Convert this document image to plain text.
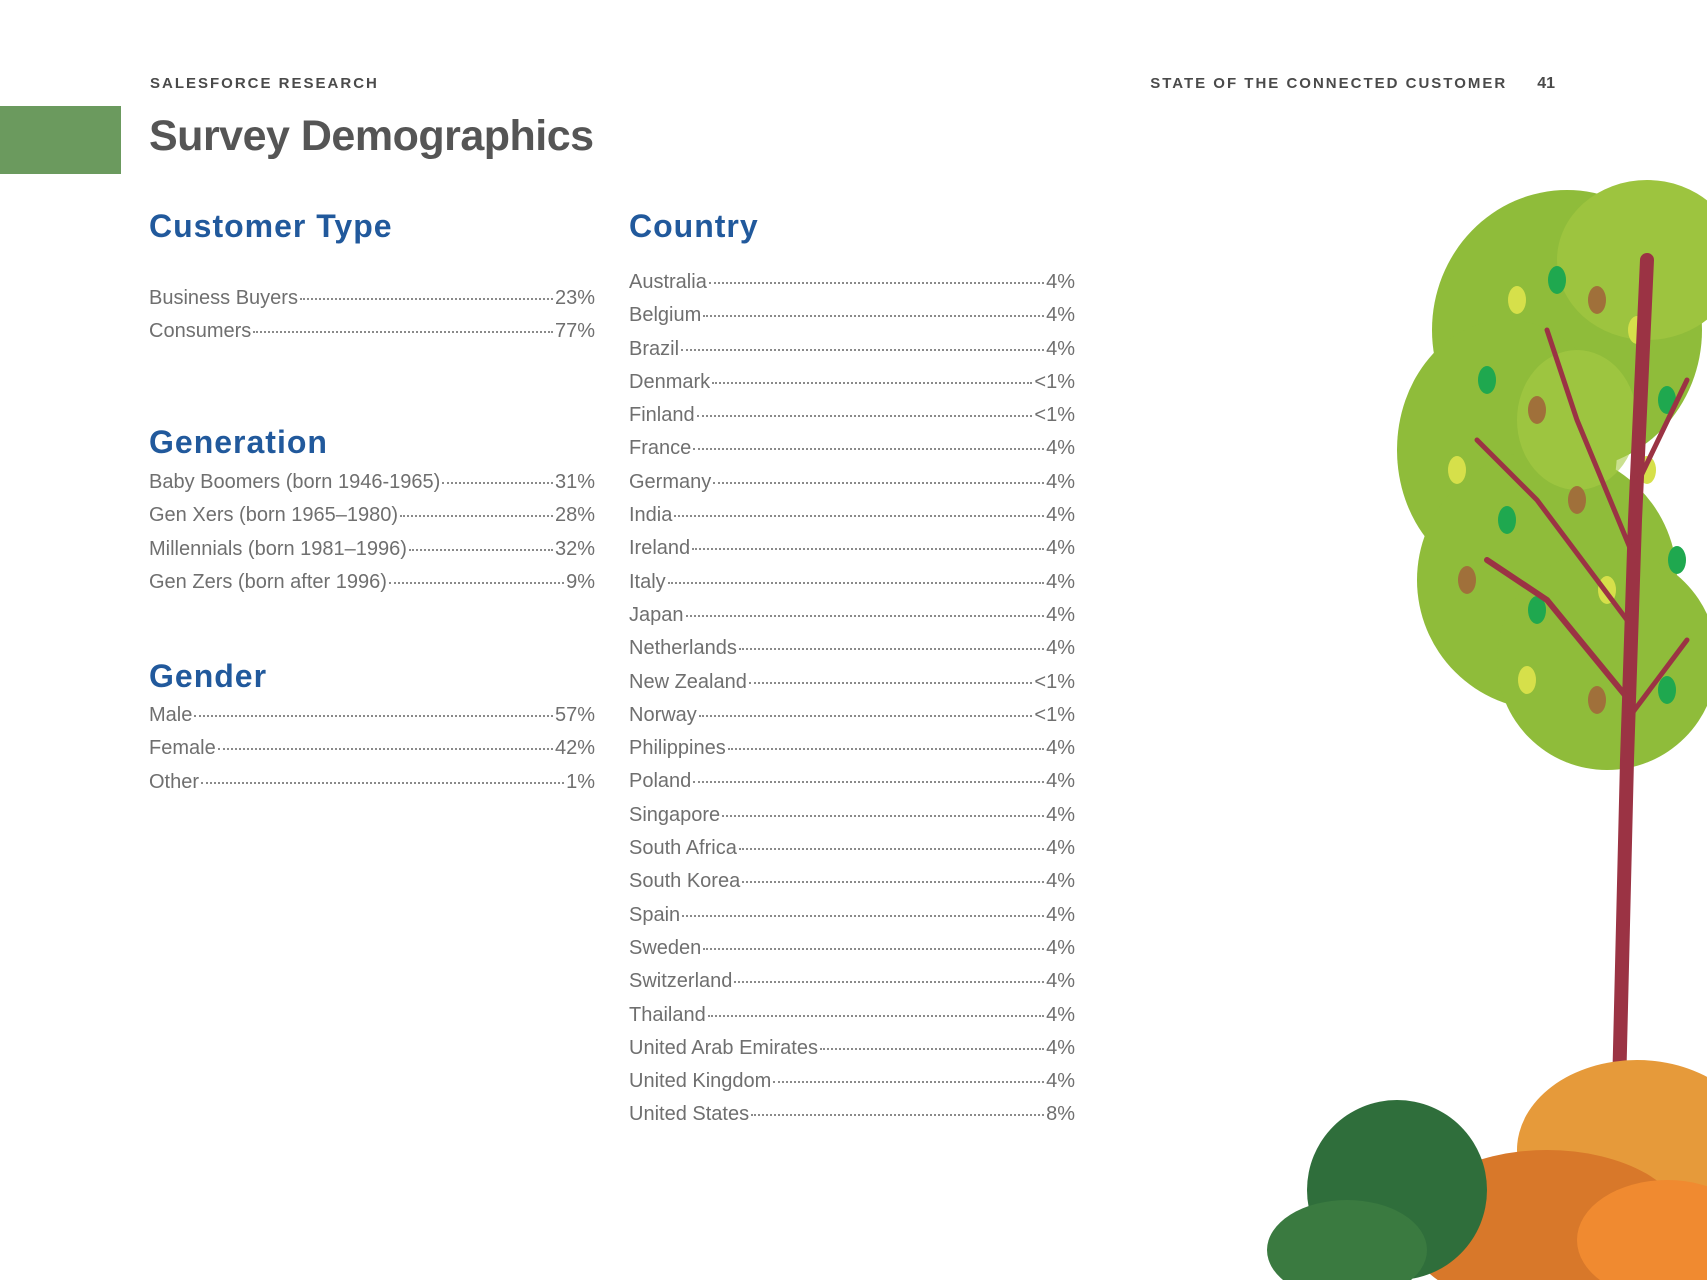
SALESFORCE RESEARCH	STATE OF THE CONNECTED CUSTOMER 41
Survey Demographics
Customer Type
Business Buyers	23%
Consumers	77%
Generation
Baby Boomers (born 1946-1965)	31%
Gen Xers (born 1965–1980)	28%
Millennials (born 1981–1996)	32%
Gen Zers (born after 1996)	9%
Gender
Male	57%
Female	42%
Other	1%
Country
Australia	4%
Belgium	4%
Brazil	4%
Denmark	<1%
Finland	<1%
France	4%
Germany	4%
India	4%
Ireland	4%
Italy	4%
Japan	4%
Netherlands	4%
New Zealand	<1%
Norway	<1%
Philippines	4%
Poland	4%
Singapore	4%
South Africa	4%
South Korea	4%
Spain	4%
Sweden	4%
Switzerland	4%
Thailand	4%
United Arab Emirates	4%
United Kingdom	4%
United States	8%
